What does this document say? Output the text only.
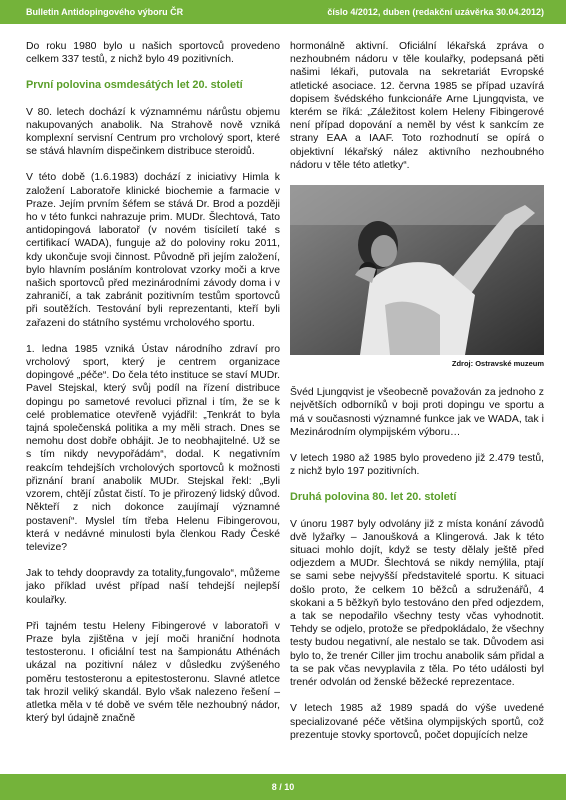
Bulletin Antidopingového výboru ČR	číslo 4/2012, duben (redakční uzávěrka 30.04.2012)

Do roku 1980 bylo u našich sportovců provedeno celkem 337 testů, z nichž bylo 49 pozitivních.

První polovina osmdesátých let 20. století

V 80. letech dochází k významnému nárůstu objemu nakupovaných anabolik. Na Strahově nově vzniká komplexní servisní Centrum pro vrcholový sport, které se stává hlavním dispečinkem distribuce steroidů.

V této době (1.6.1983) dochází z iniciativy Himla k založení Laboratoře klinické biochemie a farmacie v Praze. Jejím prvním šéfem se stává Dr. Brod a později ho v této funkci nahrazuje prim. MUDr. Šlechtová, Tato antidopingová laboratoř (v novém tisíciletí také s certifikací WADA), funguje až do poloviny roku 2011, kdy ukončuje svoji činnost. Původně při jejím založení, bylo hlavním posláním kontrolovat vzorky moči a krve našich sportovců před mezinárodními závody doma i v zahraničí, a tak zabránit pozitivním testům sportovců při soutěžích. Testování byli reprezentanti, kteří byli zařazeni do státního systému vrcholového sportu.

1. ledna 1985 vzniká Ústav národního zdraví pro vrcholový sport, který je centrem organizace dopingové „péče“. Do čela této instituce se staví MUDr. Pavel Stejskal, který svůj podíl na řízení distribuce dopingu po sametové revoluci přiznal i tím, že se k celé problematice otevřeně vyjádřil: „Tenkrát to byla tajná společenská politika a my měli strach. Dnes se nemohu dost dobře obhájit. Je to neobhajitelné. Už se s tím nikdy nevypořádám“, dodal. K negativním reakcím tehdejších vrcholových sportovců k možnosti přiznání braní anabolik MUDr. Stejskal řekl: „Byli vzorem, chtějí zůstat čistí. To je přirozený lidský důvod. Někteří z nich dokonce zaujímají významné postavení“. Myslel tím třeba Helenu Fibingerovou, která v nedávné minulosti byla členkou Rady České televize?

Jak to tehdy doopravdy za totality„fungovalo“, můžeme jako příklad uvést případ naší tehdejší nejlepší koulařky.

Při tajném testu Heleny Fibingerové v laboratoři v Praze byla zjištěna v její moči hraniční hodnota testosteronu. I oficiální test na šampionátu Athénách ukázal na pozitivní nález v důsledku zvýšeného poměru testosteronu a epitestosteronu. Slavné atletce tak hrozil veliký skandál. Bylo však nalezeno řešení – atletka měla v té době ve svém těle nezhoubný nádor, který byl údajně značně

hormonálně aktivní. Oficiální lékařská zpráva o nezhoubném nádoru v těle koulařky, podepsaná pěti našimi lékaři, putovala na sekretariát Evropské atletické asociace. 12. června 1985 se případ uzavírá dopisem švédského funkcionáře Arne Ljungqvista, ve kterém se říká: „Záležitost kolem Heleny Fibingerové není případ dopování a neměl by vést k sankcím ze strany EAA a IAAF. Toto rozhodnutí se opírá o objektivní lékařský nález aktivního nezhoubného nádoru v těle této atletky“.

Zdroj: Ostravské muzeum

Švéd Ljungqvist je všeobecně považován za jednoho z největších odborníků v boji proti dopingu ve sportu a má v současnosti významné funkce jak ve WADA, tak i Mezinárodním olympijském výboru…

V letech 1980 až 1985 bylo provedeno již 2.479 testů, z nichž bylo 197 pozitivních.

Druhá polovina 80. let 20. století

V únoru 1987 byly odvolány již z místa konání závodů dvě lyžařky – Janoušková a Klingerová. Jak k této situaci mohlo dojít, když se testy dělaly ještě před odjezdem a MUDr. Šlechtová se nikdy nemýlila, ptají se sami sebe nejvyšší představitelé sportu. K situaci došlo proto, že celkem 10 běžců a sdruženářů, 4 skokani a 5 běžkyň bylo testováno den před odjezdem, a tak se nepodařilo všechny testy včas vyhodnotit. Tehdy se odjelo, protože se předpokládalo, že všechny testy budou negativní, ale nestalo se tak. Důvodem asi bylo to, že trenér Ciller jim trochu anabolik sám přidal a ta se pak včas nevyplavila z těla. Po této události byl trenér odvolán od ženské běžecké reprezentace.

V letech 1985 až 1989 spadá do výše uvedené specializované péče většina olympijských sportů, což prezentuje stovky sportovců, počet dopujících nelze

8 / 10
